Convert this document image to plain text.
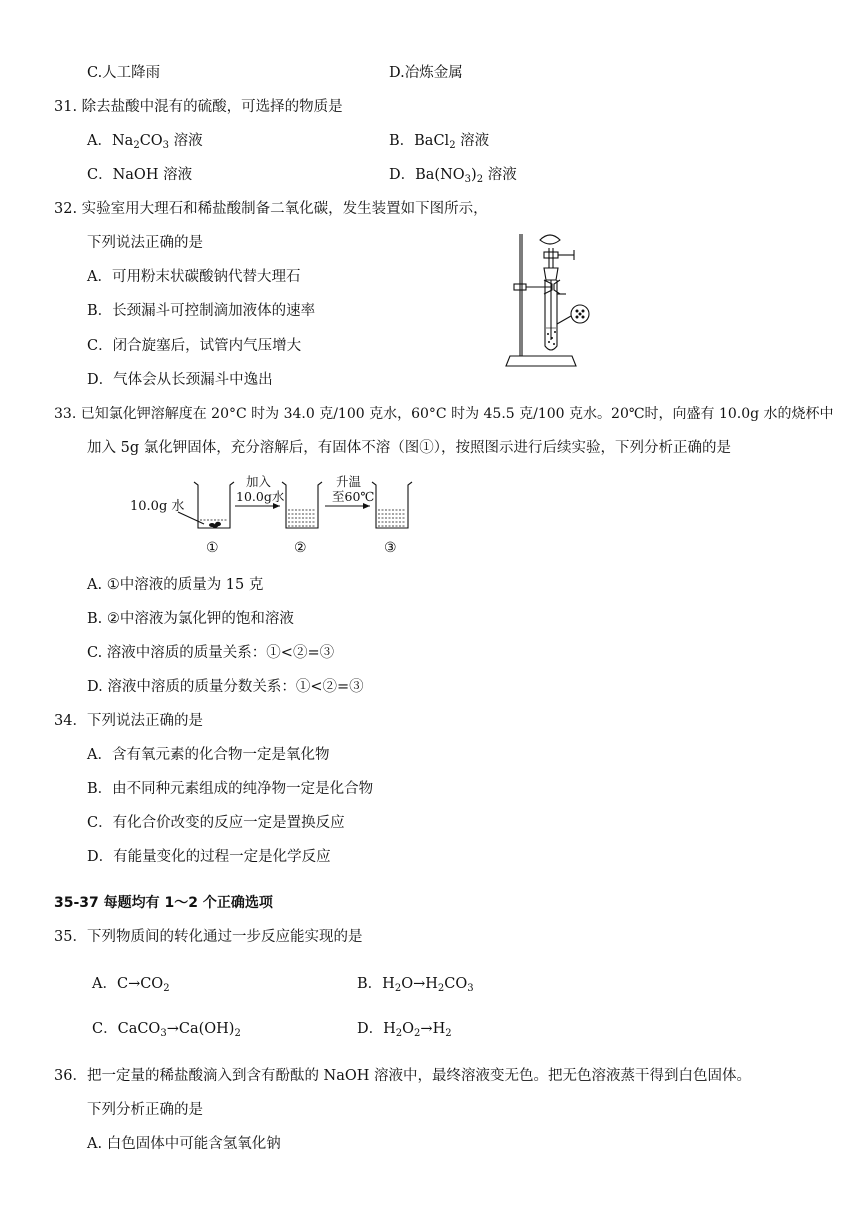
C.人工降雨	D.冶炼金属
31. 除去盐酸中混有的硫酸，可选择的物质是
A．$Na_2CO_3$ 溶液	B．BaCl$_2$ 溶液
C．NaOH 溶液	D．$Ba(NO_3)_2$ 溶液
32. 实验室用大理石和稀盐酸制备二氧化碳，发生装置如下图所示，
下列说法正确的是
A．可用粉末状碳酸钠代替大理石
B．长颈漏斗可控制滴加液体的速率
C．闭合旋塞后，试管内气压增大
D．气体会从长颈漏斗中逸出
33. 已知氯化钾溶解度在 20°C 时为 34.0 克/100 克水，60°C 时为 45.5 克/100 克水。20℃时，向盛有 10.0g 水的烧杯中
加入 5g 氯化钾固体，充分溶解后，有固体不溶（图①），按照图示进行后续实验，下列分析正确的是
10.0g 水
加入
10.0g水
升温
至60℃
①	②	③
A. ①中溶液的质量为 15 克
B. ②中溶液为氯化钾的饱和溶液
C. 溶液中溶质的质量关系：①<②=③
D. 溶液中溶质的质量分数关系：①<②=③
34．下列说法正确的是
A．含有氧元素的化合物一定是氧化物
B．由不同种元素组成的纯净物一定是化合物
C．有化合价改变的反应一定是置换反应
D．有能量变化的过程一定是化学反应
35-37 每题均有 1～2 个正确选项
35．下列物质间的转化通过一步反应能实现的是
A．$C\to CO_2$	B．$H_2O\to H_2CO_3$
C．$CaCO_3\to Ca(OH)_2$	D．$H_2O_2\to H_2$
36．把一定量的稀盐酸滴入到含有酚酞的 NaOH 溶液中，最终溶液变无色。把无色溶液蒸干得到白色固体。
下列分析正确的是
A. 白色固体中可能含氢氧化钠
